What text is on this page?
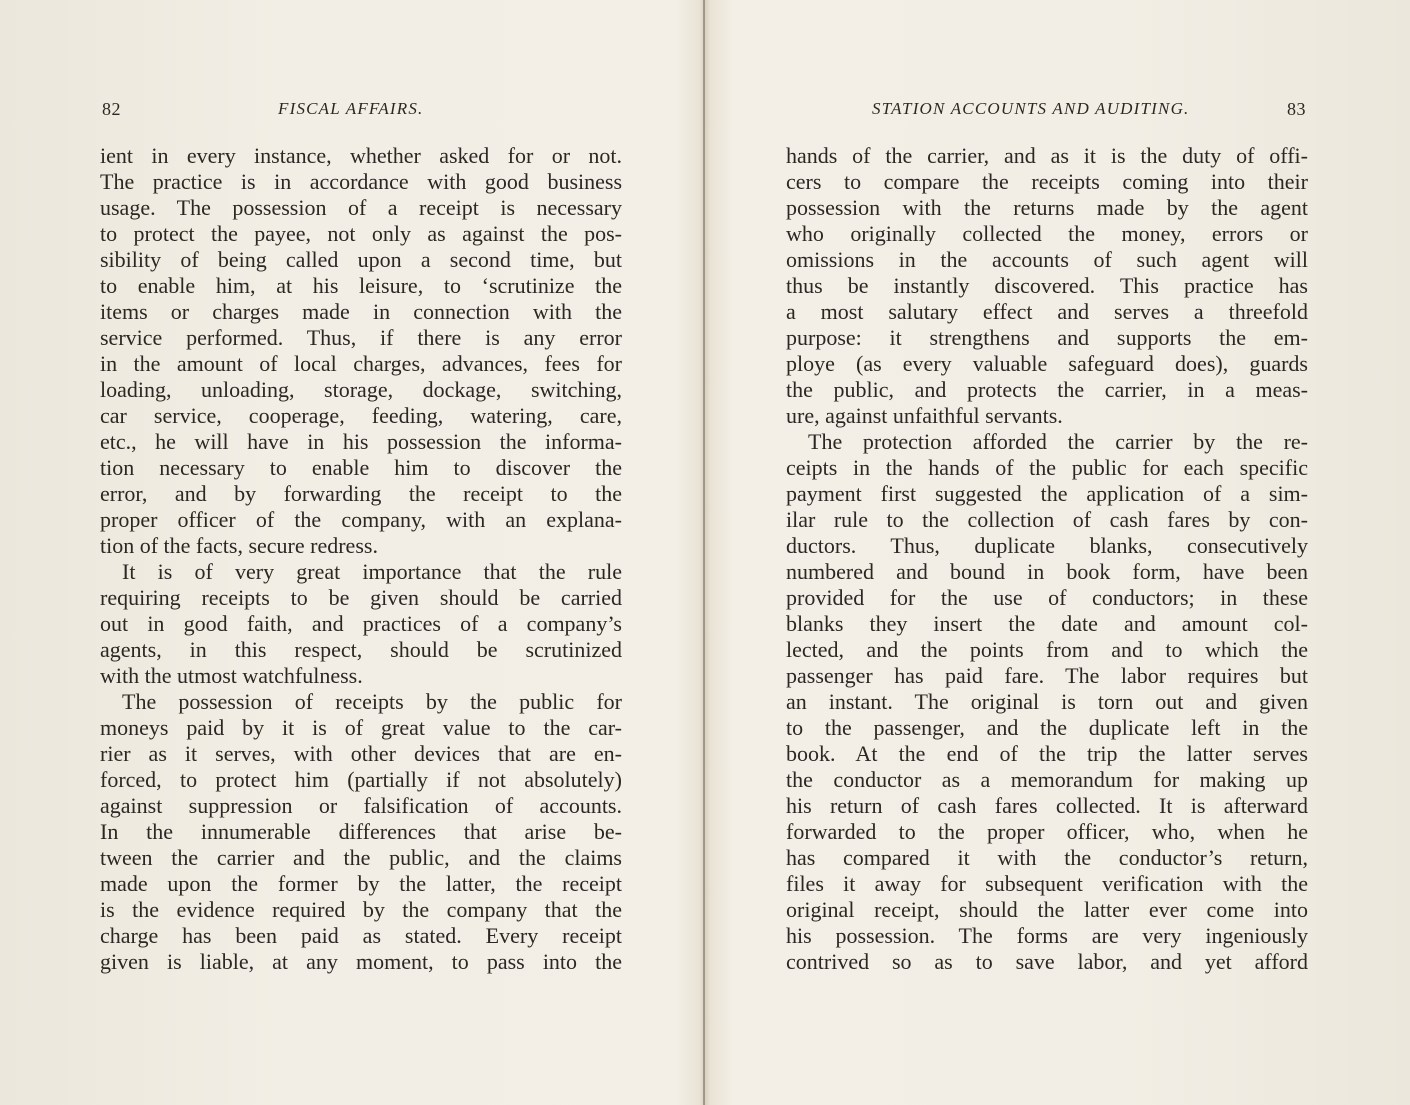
82	FISCAL AFFAIRS.
ient in every instance, whether asked for or not.
The practice is in accordance with good business
usage. The possession of a receipt is necessary
to protect the payee, not only as against the pos-
sibility of being called upon a second time, but
to enable him, at his leisure, to ‘scrutinize the
items or charges made in connection with the
service performed. Thus, if there is any error
in the amount of local charges, advances, fees for
loading, unloading, storage, dockage, switching,
car service, cooperage, feeding, watering, care,
etc., he will have in his possession the informa-
tion necessary to enable him to discover the
error, and by forwarding the receipt to the
proper officer of the company, with an explana-
tion of the facts, secure redress.
It is of very great importance that the rule
requiring receipts to be given should be carried
out in good faith, and practices of a company’s
agents, in this respect, should be scrutinized
with the utmost watchfulness.
The possession of receipts by the public for
moneys paid by it is of great value to the car-
rier as it serves, with other devices that are en-
forced, to protect him (partially if not absolutely)
against suppression or falsification of accounts.
In the innumerable differences that arise be-
tween the carrier and the public, and the claims
made upon the former by the latter, the receipt
is the evidence required by the company that the
charge has been paid as stated. Every receipt
given is liable, at any moment, to pass into the
STATION ACCOUNTS AND AUDITING.	83
hands of the carrier, and as it is the duty of offi-
cers to compare the receipts coming into their
possession with the returns made by the agent
who originally collected the money, errors or
omissions in the accounts of such agent will
thus be instantly discovered. This practice has
a most salutary effect and serves a threefold
purpose: it strengthens and supports the em-
ploye (as every valuable safeguard does), guards
the public, and protects the carrier, in a meas-
ure, against unfaithful servants.
The protection afforded the carrier by the re-
ceipts in the hands of the public for each specific
payment first suggested the application of a sim-
ilar rule to the collection of cash fares by con-
ductors. Thus, duplicate blanks, consecutively
numbered and bound in book form, have been
provided for the use of conductors; in these
blanks they insert the date and amount col-
lected, and the points from and to which the
passenger has paid fare. The labor requires but
an instant. The original is torn out and given
to the passenger, and the duplicate left in the
book. At the end of the trip the latter serves
the conductor as a memorandum for making up
his return of cash fares collected. It is afterward
forwarded to the proper officer, who, when he
has compared it with the conductor’s return,
files it away for subsequent verification with the
original receipt, should the latter ever come into
his possession. The forms are very ingeniously
contrived so as to save labor, and yet afford
